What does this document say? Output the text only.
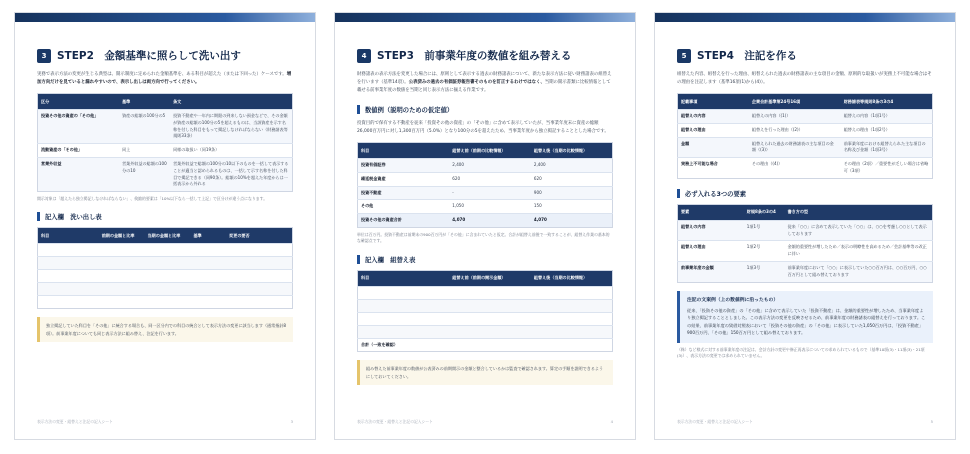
3	STEP2　金額基準に照らして洗い出す

実務で表示方法の変更が生じる典型は、開示制度に定められた金額基準を、ある科目が超えた（または下回った）ケースです。増加方向だけを見ていると漏れやすいので、表示し出しは両方向で行ってください。

区分	基準	条文
投資その他の資産の「その他」	資産の総額の100分の5	投資不動産や一年内に期限の到来しない預金などで、その金額が資産の総額の100分の5を超えるものは、当該資産を示す名称を付した科目をもって掲記しなければならない（財務諸表等規則33条）
流動資産の「その他」	同上	同様の取扱い（同19条）
営業外収益	営業外収益の総額の100分の10	営業外収益で総額の100分の10以下のものを一括して表示することが適当と認められるものは、一括して示す名称を付した科目で掲記できる（同90条）。総額の10%を超えた年度からは一括表示から外れる

開示対象は「超えたら独立掲記しなければならない」、倹縮的要素は「10%以下なら一括して上記」で区分けが違う点になります。

記入欄　洗い出し表
科目	前期の金額と比率	当期の金額と比率	基準	変更の要否

独立掲記していた科目を「その他」に統合する場合も、同一区分内での科目の統合として表示方法の変更に該当します（通常指針8項）。前事業年度についても同じ表示方法に組み替え、注記を行います。
表示方法の変更・組替えと注記の記入シート	3
4	STEP3　前事業年度の数値を組み替える

財務諸表の表示方法を変更した場合には、原則として表示する過去の財務諸表について、新たな表示方法に従い財務諸表の組替えを行います（基準14項）。公表済みの過去の有価証券報告書そのものを訂正するわけではなく、当期の開示書類に比較情報として載せる前事業年度の数値を当期と同じ表示方法に揃える作業です。

数値例（説明のための仮定値）

投資目的で保有する不動産を従来「投資その他の資産」の「その他」に含めて表示していたが、当事業年度末に資産の総額26,000百万円に対し1,300百万円（5.0%）となり100分の5を超えたため、当事業年度から独立掲記することとした場合です。

科目	組替え前（前期の比較情報）	組替え後（当期の比較情報）
投資有価証券	2,400	2,400
繰延税金資産	620	620
投資不動産	-	900
その他	1,050	150
投資その他の資産合計	4,070	4,070

単位は百万円。投資不動産は前期末の900百万円が「その他」に含まれていたと仮定。合計が組替え前後で一致することが、組替え作業の基本的な確認点です。

記入欄　組替え表
科目	組替え前（前期の開示金額）	組替え後（当期の比較情報）

合計（一致を確認）		
組み替えた前事業年度の数値が公表済みの前期開示の金額と整合しているかは監査で確認されます。算定の手順を説明できるようにしておいてください。
表示方法の変更・組替えと注記の記入シート	4
5	STEP4　注記を作る

組替えた内容、組替えを行った理由、組替えられた過去の財務諸表の主な項目の金額、原則的な取扱いが実務上不可能な場合はその理由を注記します（基準16項(1)から(4)）。

記載事項	企業会計基準第24号16項	財務諸表等規則8条の3の4
組替えの内容	組替えの内容（(1)）	組替えの内容（1項1号）
組替えの理由	組替えを行った理由（(2)）	組替えの理由（1項2号）
金額	組替えられた過去の財務諸表の主な項目の金額（(3)）	前事業年度における組替えられた主な項目の名称及び金額（1項3号）
実務上不可能な場合	その理由（(4)）	その理由（2項）／重要性が乏しい場合は省略可（3項）
必ず入れる3つの要素
要素	財規8条の3の4	書き方の型
組替えの内容	1項1号	従来「○○」に含めて表示していた「○○」は、○○を考慮し○○として表示しております
組替えの理由	1項2号	金額的重要性が増したため／表示の明瞭性を高めるため／会計基準等の改正に伴い
前事業年度の金額	1項3号	前事業年度において「○○」に表示していた○○百万円は、○○百万円、○○百万円として組み替えております
注記の文案例（上の数値例に沿ったもの）
従来、「投資その他の資産」の「その他」に含めて表示していた「投資不動産」は、金額的重要性が増したため、当事業年度より独立掲記することとしました。この表示方法の変更を反映させるため、前事業年度の財務諸表の組替えを行っております。この結果、前事業年度の貸借対照表において「投資その他の資産」の「その他」に表示していた1,050百万円は、「投資不動産」900百万円、「その他」150百万円として組み替えております。

（株）など様式に対する前事業年度の注記は、会計方針の変更や修正再表示についての求められているもので（基準10項(3)・11項(3)・21項(3)）、表示方法の変更では求められていません。

表示方法の変更・組替えと注記の記入シート	5
